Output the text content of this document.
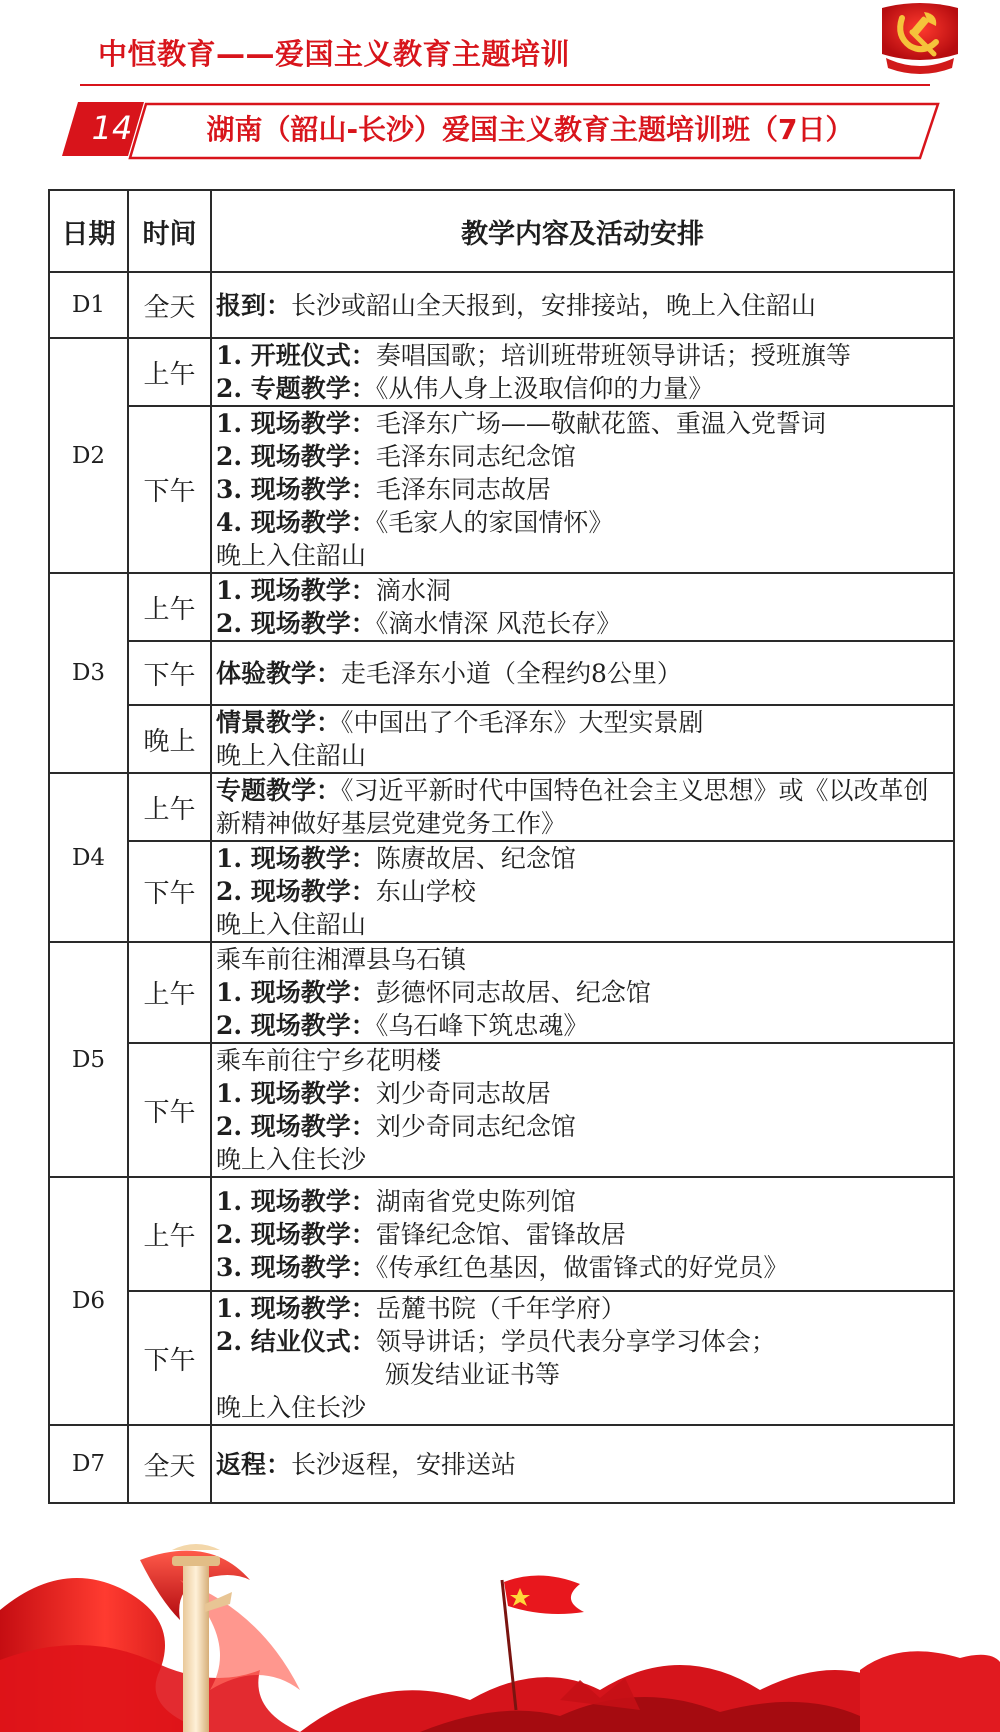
中恒教育——爱国主义教育主题培训
14	湖南（韶山-长沙）爱国主义教育主题培训班（7日）
日期	时间	教学内容及活动安排
D1	全天	报到：长沙或韶山全天报到，安排接站，晚上入住韶山

D2	上午	1. 开班仪式：奏唱国歌；培训班带班领导讲话；授班旗等
2. 专题教学：《从伟人身上汲取信仰的力量》

	下午	1. 现场教学：毛泽东广场——敬献花篮、重温入党誓词
2. 现场教学：毛泽东同志纪念馆
3. 现场教学：毛泽东同志故居
4. 现场教学：《毛家人的家国情怀》
晚上入住韶山

D3	上午	1. 现场教学：滴水洞
2. 现场教学：《滴水情深 风范长存》

	下午	体验教学：走毛泽东小道（全程约8公里）

	晚上	情景教学：《中国出了个毛泽东》大型实景剧
晚上入住韶山

D4	上午	专题教学：《习近平新时代中国特色社会主义思想》或《以改革创新精神做好基层党建党务工作》

	下午	1. 现场教学：陈赓故居、纪念馆
2. 现场教学：东山学校
晚上入住韶山

D5	上午	乘车前往湘潭县乌石镇
1. 现场教学：彭德怀同志故居、纪念馆
2. 现场教学：《乌石峰下筑忠魂》

	下午	乘车前往宁乡花明楼
1. 现场教学：刘少奇同志故居
2. 现场教学：刘少奇同志纪念馆
晚上入住长沙

D6	上午	1. 现场教学：湖南省党史陈列馆
2. 现场教学：雷锋纪念馆、雷锋故居
3. 现场教学：《传承红色基因，做雷锋式的好党员》

	下午	1. 现场教学：岳麓书院（千年学府）
2. 结业仪式：领导讲话；学员代表分享学习体会；
颁发结业证书等
晚上入住长沙

D7	全天	返程：长沙返程，安排送站
